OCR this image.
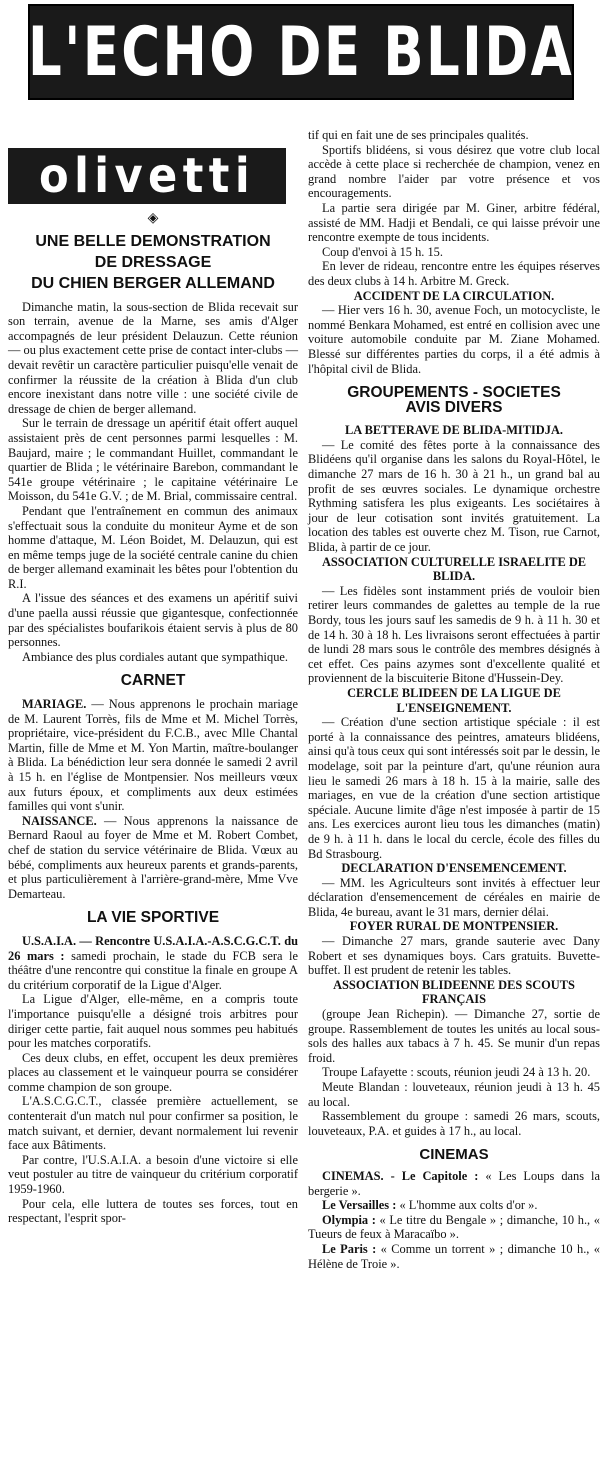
L'ECHO DE BLIDA
olivetti
◈
UNE BELLE DEMONSTRATION
DE DRESSAGE
DU CHIEN BERGER ALLEMAND

Dimanche matin, la sous-section de Blida recevait sur son terrain, avenue de la Marne, ses amis d'Alger accompagnés de leur président Delauzun. Cette réunion — ou plus exactement cette prise de contact inter-clubs — devait revêtir un caractère particulier puisqu'elle venait de confirmer la réussite de la création à Blida d'un club encore inexistant dans notre ville : une société civile de dressage de chien de berger allemand.

Sur le terrain de dressage un apéritif était offert auquel assistaient près de cent personnes parmi lesquelles : M. Baujard, maire ; le commandant Huillet, commandant le quartier de Blida ; le vétérinaire Barebon, commandant le 541e groupe vétérinaire ; le capitaine vétérinaire Le Moisson, du 541e G.V. ; de M. Brial, commissaire central.

Pendant que l'entraînement en commun des animaux s'effectuait sous la conduite du moniteur Ayme et de son homme d'attaque, M. Léon Boidet, M. Delauzun, qui est en même temps juge de la société centrale canine du chien de berger allemand examinait les bêtes pour l'obtention du R.I.

A l'issue des séances et des examens un apéritif suivi d'une paella aussi réussie que gigantesque, confectionnée par des spécialistes boufarikois étaient servis à plus de 80 personnes.

Ambiance des plus cordiales autant que sympathique.

CARNET

MARIAGE. — Nous apprenons le prochain mariage de M. Laurent Torrès, fils de Mme et M. Michel Torrès, propriétaire, vice-président du F.C.B., avec Mlle Chantal Martin, fille de Mme et M. Yon Martin, maître-boulanger à Blida. La bénédiction leur sera donnée le samedi 2 avril à 15 h. en l'église de Montpensier. Nos meilleurs vœux aux futurs époux, et compliments aux deux estimées familles qui vont s'unir.

NAISSANCE. — Nous apprenons la naissance de Bernard Raoul au foyer de Mme et M. Robert Combet, chef de station du service vétérinaire de Blida. Vœux au bébé, compliments aux heureux parents et grands-parents, et plus particulièrement à l'arrière-grand-mère, Mme Vve Demarteau.

LA VIE SPORTIVE

U.S.A.I.A. — Rencontre U.S.A.I.A.-A.S.C.G.C.T. du 26 mars : samedi prochain, le stade du FCB sera le théâtre d'une rencontre qui constitue la finale en groupe A du critérium corporatif de la Ligue d'Alger.

La Ligue d'Alger, elle-même, en a compris toute l'importance puisqu'elle a désigné trois arbitres pour diriger cette partie, fait auquel nous sommes peu habitués pour les matches corporatifs.

Ces deux clubs, en effet, occupent les deux premières places au classement et le vainqueur pourra se considérer comme champion de son groupe.

L'A.S.C.G.C.T., classée première actuellement, se contenterait d'un match nul pour confirmer sa position, le match suivant, et dernier, devant normalement lui revenir face aux Bâtiments.

Par contre, l'U.S.A.I.A. a besoin d'une victoire si elle veut postuler au titre de vainqueur du critérium corporatif 1959-1960.

Pour cela, elle luttera de toutes ses forces, tout en respectant, l'esprit spor-

tif qui en fait une de ses principales qualités.

Sportifs blidéens, si vous désirez que votre club local accède à cette place si recherchée de champion, venez en grand nombre l'aider par votre présence et vos encouragements.

La partie sera dirigée par M. Giner, arbitre fédéral, assisté de MM. Hadji et Bendali, ce qui laisse prévoir une rencontre exempte de tous incidents.

Coup d'envoi à 15 h. 15.

En lever de rideau, rencontre entre les équipes réserves des deux clubs à 14 h. Arbitre M. Greck.

ACCIDENT DE LA CIRCULATION.

— Hier vers 16 h. 30, avenue Foch, un motocycliste, le nommé Benkara Mohamed, est entré en collision avec une voiture automobile conduite par M. Ziane Mohamed. Blessé sur différentes parties du corps, il a été admis à l'hôpital civil de Blida.

GROUPEMENTS - SOCIETES
AVIS DIVERS
LA BETTERAVE DE BLIDA-MITIDJA.

— Le comité des fêtes porte à la connaissance des Blidéens qu'il organise dans les salons du Royal-Hôtel, le dimanche 27 mars de 16 h. 30 à 21 h., un grand bal au profit de ses œuvres sociales. Le dynamique orchestre Rythming satisfera les plus exigeants. Les sociétaires à jour de leur cotisation sont invités gratuitement. La location des tables est ouverte chez M. Tison, rue Carnot, Blida, à partir de ce jour.

ASSOCIATION CULTURELLE ISRAELITE DE BLIDA.

— Les fidèles sont instamment priés de vouloir bien retirer leurs commandes de galettes au temple de la rue Bordy, tous les jours sauf les samedis de 9 h. à 11 h. 30 et de 14 h. 30 à 18 h. Les livraisons seront effectuées à partir de lundi 28 mars sous le contrôle des membres désignés à cet effet. Ces pains azymes sont d'excellente qualité et proviennent de la biscuiterie Bitone d'Hussein-Dey.

CERCLE BLIDEEN DE LA LIGUE DE L'ENSEIGNEMENT.

— Création d'une section artistique spéciale : il est porté à la connaissance des peintres, amateurs blidéens, ainsi qu'à tous ceux qui sont intéressés soit par le dessin, le modelage, soit par la peinture d'art, qu'une réunion aura lieu le samedi 26 mars à 18 h. 15 à la mairie, salle des mariages, en vue de la création d'une section artistique spéciale. Aucune limite d'âge n'est imposée à partir de 15 ans. Les exercices auront lieu tous les dimanches (matin) de 9 h. à 11 h. dans le local du cercle, école des filles du Bd Strasbourg.

DECLARATION D'ENSEMENCEMENT.

— MM. les Agriculteurs sont invités à effectuer leur déclaration d'ensemencement de céréales en mairie de Blida, 4e bureau, avant le 31 mars, dernier délai.

FOYER RURAL DE MONTPENSIER.

— Dimanche 27 mars, grande sauterie avec Dany Robert et ses dynamiques boys. Cars gratuits. Buvette-buffet. Il est prudent de retenir les tables.

ASSOCIATION BLIDEENNE DES SCOUTS FRANÇAIS

(groupe Jean Richepin). — Dimanche 27, sortie de groupe. Rassemblement de toutes les unités au local sous-sols des halles aux tabacs à 7 h. 45. Se munir d'un repas froid.

Troupe Lafayette : scouts, réunion jeudi 24 à 13 h. 20.

Meute Blandan : louveteaux, réunion jeudi à 13 h. 45 au local.

Rassemblement du groupe : samedi 26 mars, scouts, louveteaux, P.A. et guides à 17 h., au local.

CINEMAS

CINEMAS. - Le Capitole : « Les Loups dans la bergerie ».

Le Versailles : « L'homme aux colts d'or ».

Olympia : « Le titre du Bengale » ; dimanche, 10 h., « Tueurs de feux à Maracaïbo ».

Le Paris : « Comme un torrent » ; dimanche 10 h., « Hélène de Troie ».
